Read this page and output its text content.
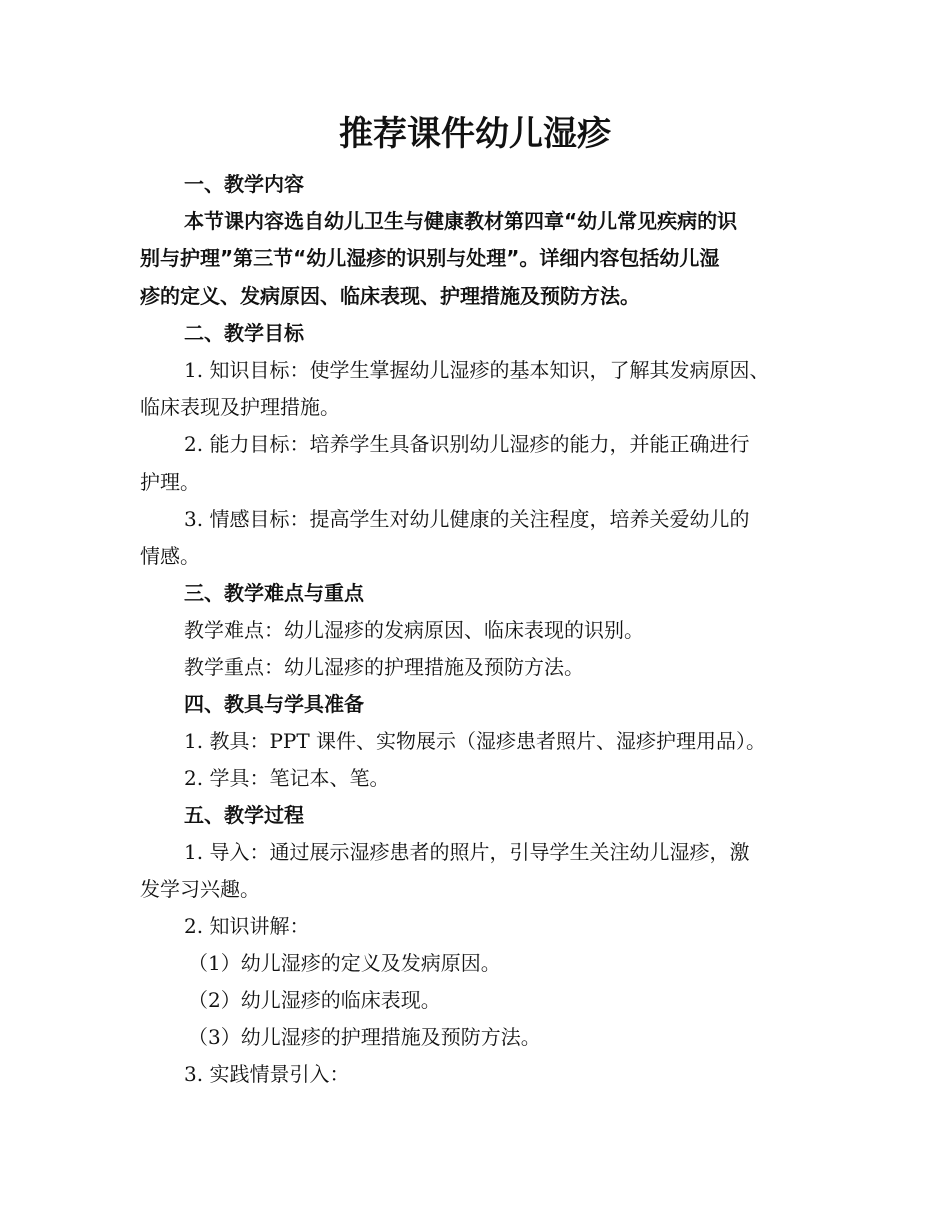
推荐课件幼儿湿疹
一、教学内容
本节课内容选自幼儿卫生与健康教材第四章“幼儿常见疾病的识
别与护理”第三节“幼儿湿疹的识别与处理”。详细内容包括幼儿湿
疹的定义、发病原因、临床表现、护理措施及预防方法。
二、教学目标
1. 知识目标：使学生掌握幼儿湿疹的基本知识，了解其发病原因、
临床表现及护理措施。
2. 能力目标：培养学生具备识别幼儿湿疹的能力，并能正确进行
护理。
3. 情感目标：提高学生对幼儿健康的关注程度，培养关爱幼儿的
情感。
三、教学难点与重点
教学难点：幼儿湿疹的发病原因、临床表现的识别。
教学重点：幼儿湿疹的护理措施及预防方法。
四、教具与学具准备
1. 教具：PPT 课件、实物展示（湿疹患者照片、湿疹护理用品）。
2. 学具：笔记本、笔。
五、教学过程
1. 导入：通过展示湿疹患者的照片，引导学生关注幼儿湿疹，激
发学习兴趣。
2. 知识讲解：
（1）幼儿湿疹的定义及发病原因。
（2）幼儿湿疹的临床表现。
（3）幼儿湿疹的护理措施及预防方法。
3. 实践情景引入：
